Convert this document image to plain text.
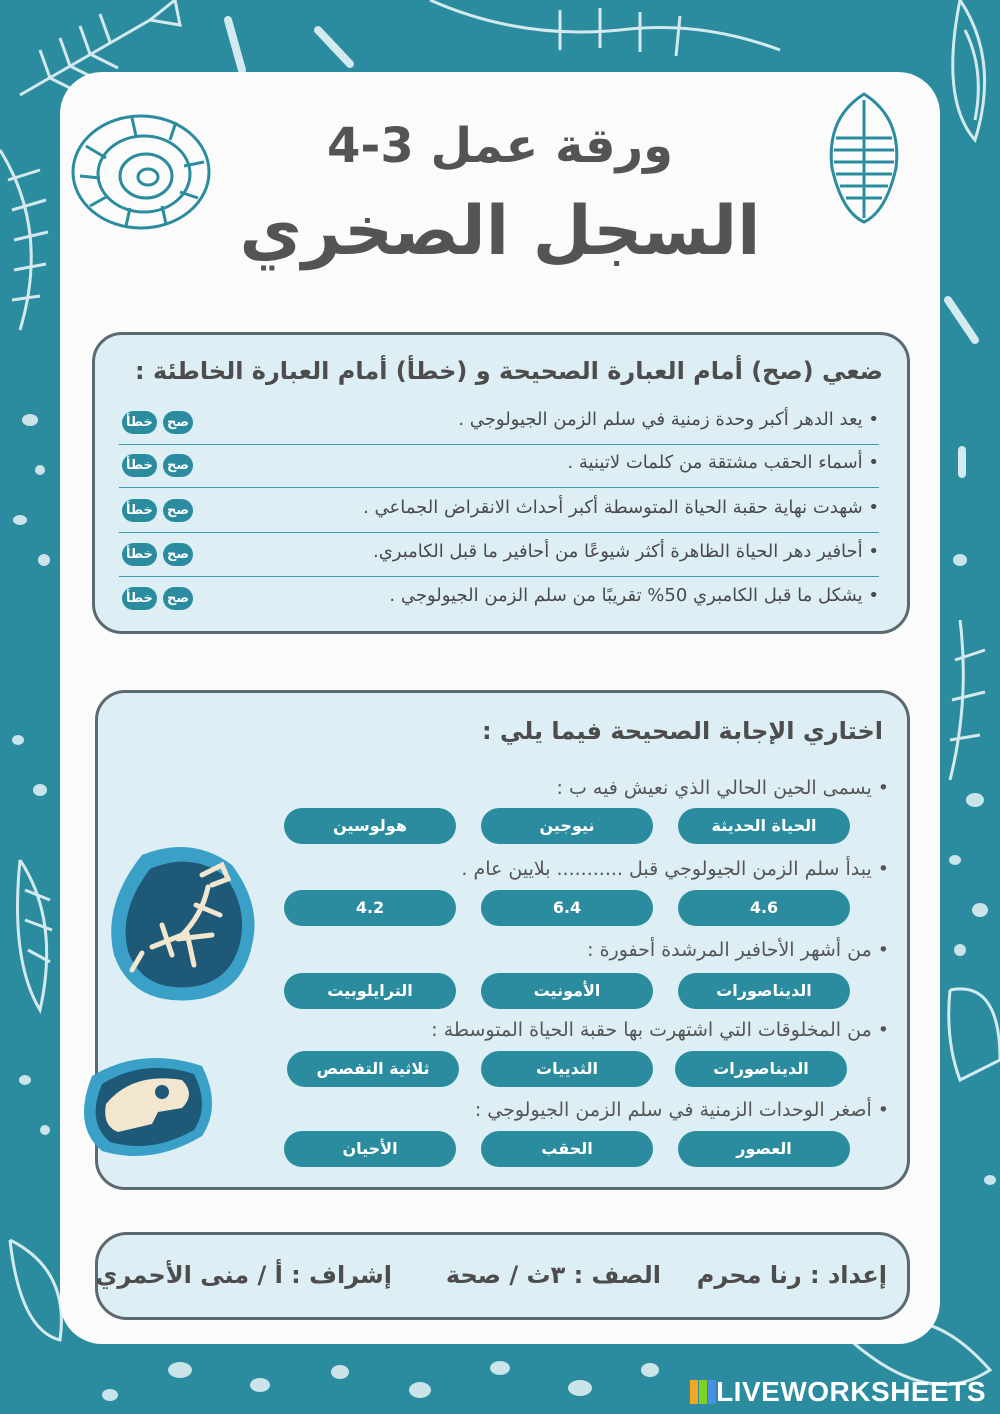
ورقة عمل 3-4
السجل الصخري
ضعي (صح) أمام العبارة الصحيحة و (خطأ) أمام العبارة الخاطئة :
• يعد الدهر أكبر وحدة زمنية في سلم الزمن الجيولوجي .
صح
خطأ
• أسماء الحقب مشتقة من كلمات لاتينية .
صح
خطأ
• شهدت نهاية حقبة الحياة المتوسطة أكبر أحداث الانقراض الجماعي .
صح
خطأ
• أحافير دهر الحياة الظاهرة أكثر شيوعًا من أحافير ما قبل الكامبري.
صح
خطأ
• يشكل ما قبل الكامبري 50% تقريبًا من سلم الزمن الجيولوجي .
صح
خطأ
اختاري الإجابة الصحيحة فيما يلي :
• يسمى الحين الحالي الذي نعيش فيه ب :
الحياة الحديثة
نيوجين
هولوسين
• يبدأ سلم الزمن الجيولوجي قبل ........... بلايين عام .
4.6
6.4
4.2
• من أشهر الأحافير المرشدة أحفورة :
الديناصورات
الأمونيت
الترايلوبيت
• من المخلوقات التي اشتهرت بها حقبة الحياة المتوسطة :
الديناصورات
الثدييات
ثلاثية التفصص
• أصغر الوحدات الزمنية في سلم الزمن الجيولوجي :
العصور
الحقب
الأحيان
إعداد : رنا محرم
الصف : ٣ث / صحة
إشراف : أ / منى الأحمري
LIVEWORKSHEETS
